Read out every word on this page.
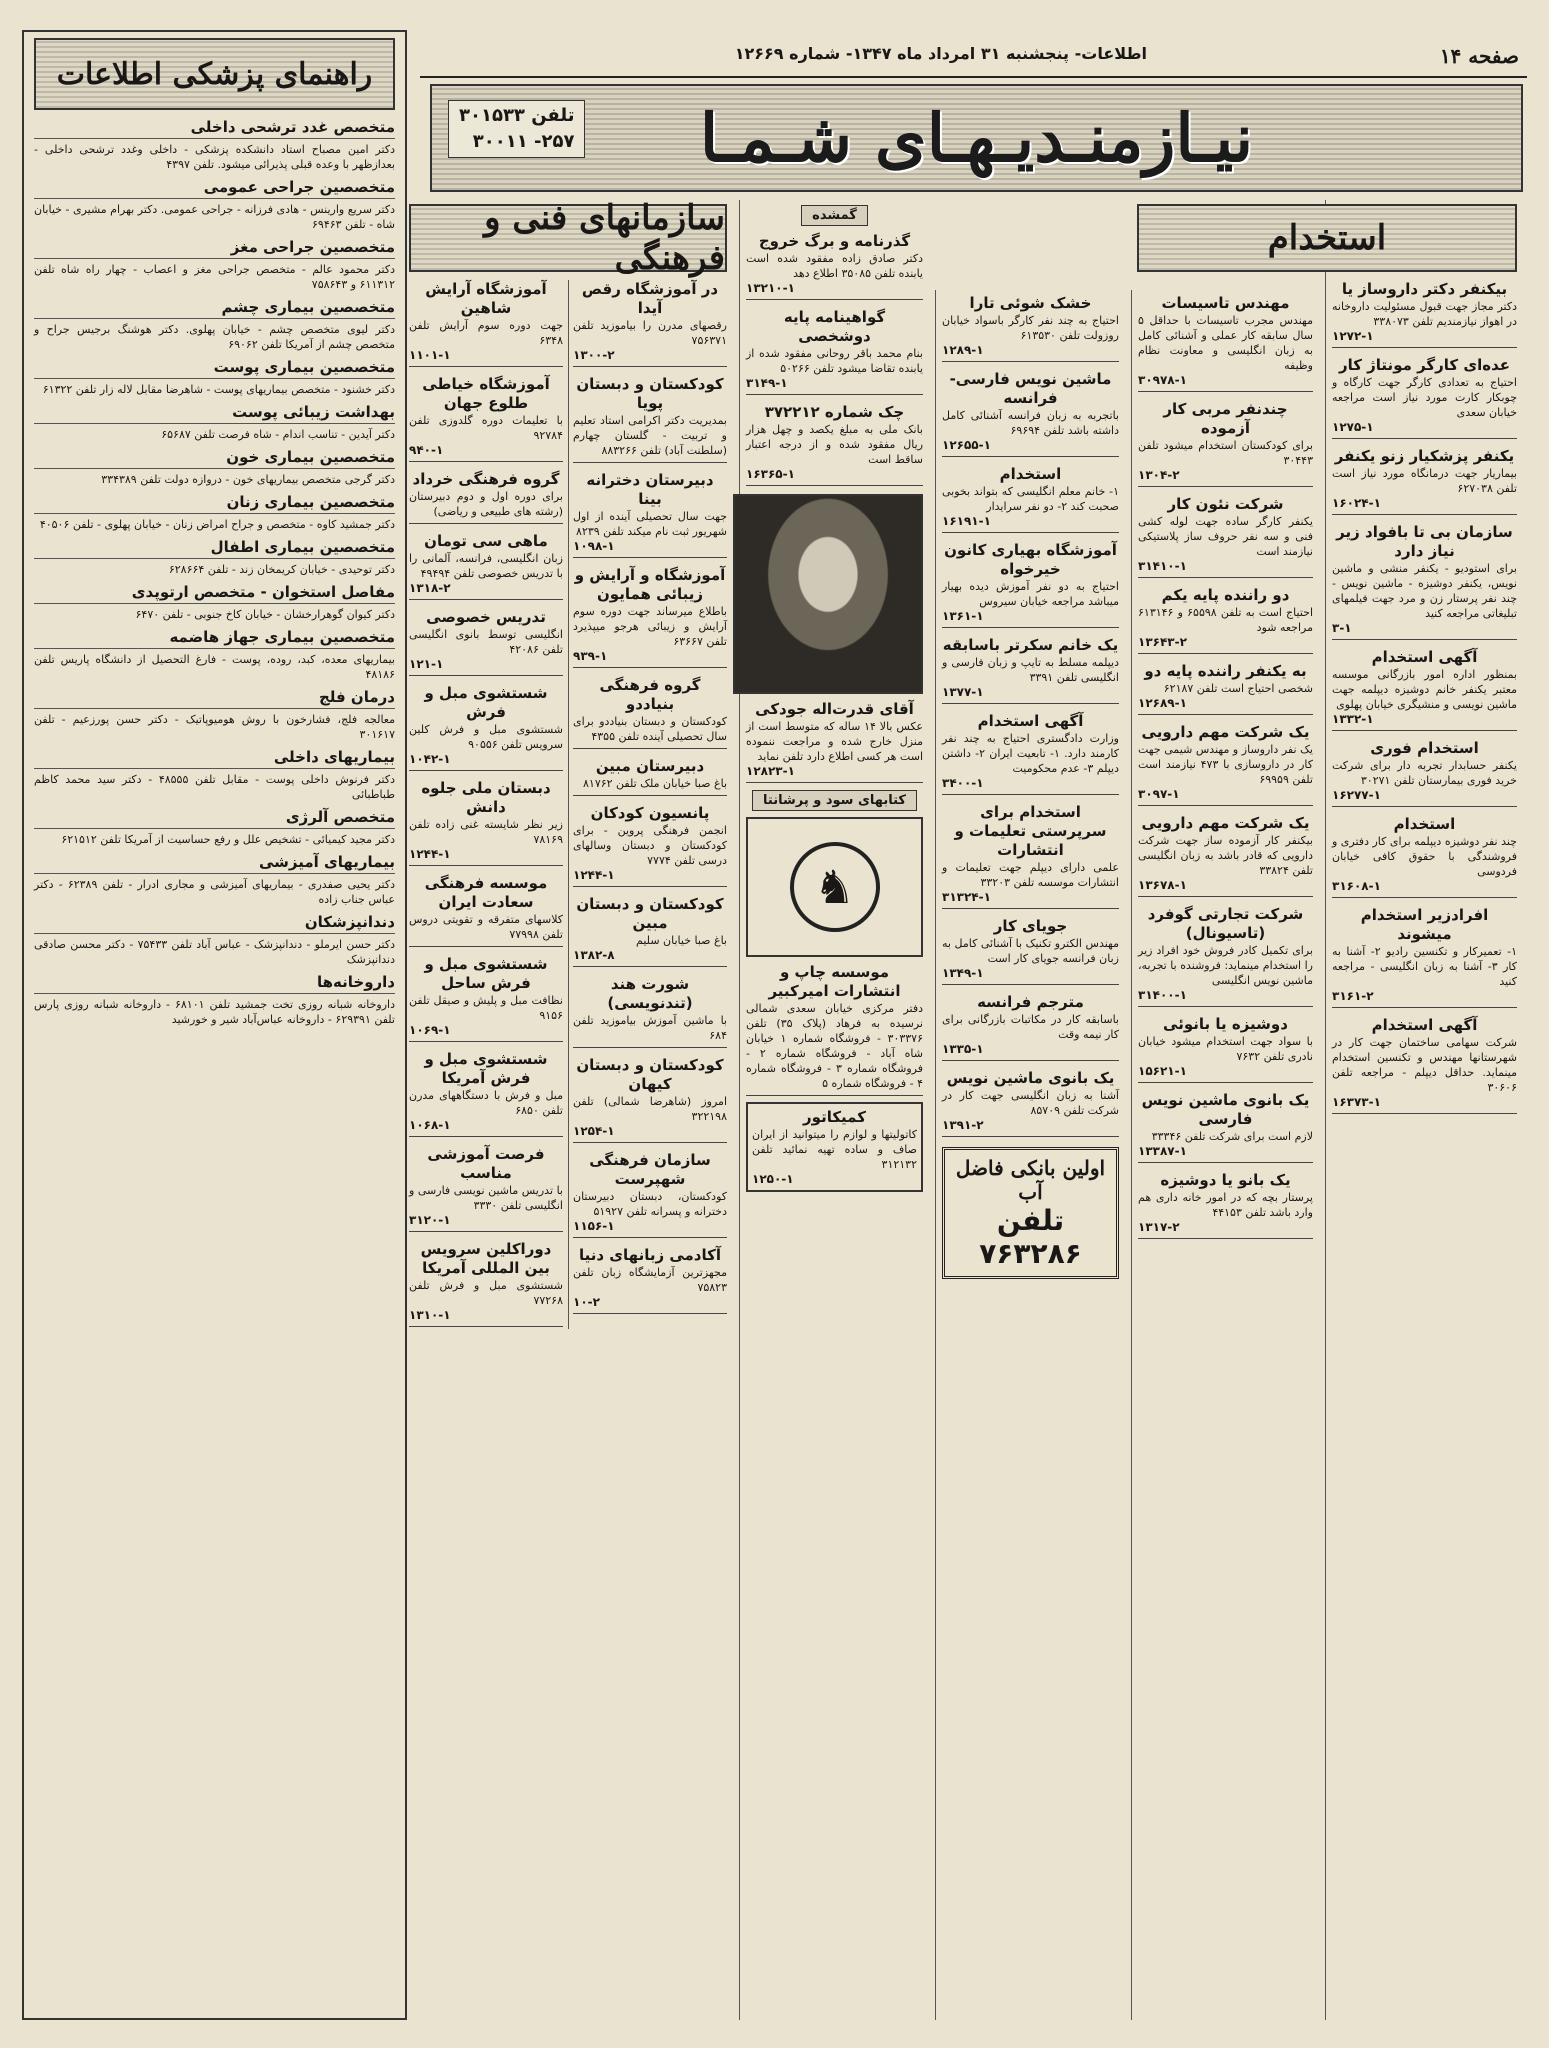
صفحه ۱۴
اطلاعات- پنجشنبه ۳۱ امرداد ماه ۱۳۴۷- شماره ۱۲۶۶۹
نیـازمنـدیـهـای شـمـا
تلفن ۳۰۱۵۳۳
۲۵۷- ۳۰۰۱۱
راهنمای پزشکی اطلاعات
متخصص غدد ترشحی داخلی
دکتر امین مصباح استاد دانشکده پزشکی - داخلی وغدد ترشحی داخلی - بعدازظهر با وعده قبلی پذیرائی میشود. تلفن ۴۳۹۷
متخصصین جراحی عمومی
دکتر سریع وارینس - هادی فرزانه - جراحی عمومی. دکتر بهرام مشیری - خیابان شاه - تلفن ۶۹۴۶۳
متخصصین جراحی مغز
دکتر محمود عالم - متخصص جراحی مغز و اعصاب - چهار راه شاه تلفن ۶۱۱۳۱۲ و ۷۵۸۶۴۳
متخصصین بیماری چشم
دکتر لیوی متخصص چشم - خیابان پهلوی. دکتر هوشنگ برجیس جراح و متخصص چشم از آمریکا تلفن ۶۹۰۶۲
متخصصین بیماری پوست
دکتر خشنود - متخصص بیماریهای پوست - شاهرضا مقابل لاله زار تلفن ۶۱۳۲۲
بهداشت زیبائی پوست
دکتر آیدین - تناسب اندام - شاه فرصت تلفن ۶۵۶۸۷
متخصصین بیماری خون
دکتر گرجی متخصص بیماریهای خون - دروازه دولت تلفن ۳۳۴۳۸۹
متخصصین بیماری زنان
دکتر جمشید کاوه - متخصص و جراح امراض زنان - خیابان پهلوی - تلفن ۴۰۵۰۶
متخصصین بیماری اطفال
دکتر توحیدی - خیابان کریمخان زند - تلفن ۶۲۸۶۶۴
مفاصل استخوان - متخصص ارتوپدی
دکتر کیوان گوهرارخشان - خیابان کاخ جنوبی - تلفن ۶۴۷۰
متخصصین بیماری جهاز هاضمه
بیماریهای معده، کبد، روده، پوست - فارغ التحصیل از دانشگاه پاریس تلفن ۴۸۱۸۶
درمان فلج
معالجه فلج، فشارخون با روش هومیوپاتیک - دکتر حسن پورزعیم - تلفن ۳۰۱۶۱۷
بیماریهای داخلی
دکتر فرنوش داخلی پوست - مقابل تلفن ۴۸۵۵۵ - دکتر سید محمد کاظم طباطبائی
متخصص آلرژی
دکتر مجید کیمیائی - تشخیص علل و رفع حساسیت از آمریکا تلفن ۶۲۱۵۱۲
بیماریهای آمیزشی
دکتر یحیی صفدری - بیماریهای آمیزشی و مجاری ادرار - تلفن ۶۲۳۸۹ - دکتر عباس جناب زاده
دندانپزشکان
دکتر حسن ایرملو - دندانپزشک - عباس آباد تلفن ۷۵۴۳۳ - دکتر محسن صادقی دندانپزشک
داروخانه‌ها
داروخانه شبانه روزی تخت جمشید تلفن ۶۸۱۰۱ - داروخانه شبانه روزی پارس تلفن ۶۲۹۳۹۱ - داروخانه عباس‌آباد شیر و خورشید
استخدام
بیکنفر دکتر داروساز یا
دکتر مجاز جهت قبول مسئولیت داروخانه در اهواز نیازمندیم تلفن ۳۳۸۰۷۳
۱۲۷۲-۱
عده‌ای کارگر مونتاژ کار
احتیاج به تعدادی کارگر جهت کارگاه و چوبکار کارت مورد نیاز است مراجعه خیابان سعدی
۱۲۷۵-۱
یکنفر پزشکیار زنو یکنفر
بیماریار جهت درمانگاه مورد نیاز است تلفن ۶۲۷۰۳۸
۱۶۰۲۴-۱
سازمان بی تا بافواد زیر نیاز دارد
برای استودیو - یکنفر منشی و ماشین نویس، یکنفر دوشیزه - ماشین نویس - چند نفر پرستار زن و مرد جهت فیلمهای تبلیغاتی مراجعه کنید
۳-۱
آگهی استخدام
بمنظور اداره امور بازرگانی موسسه معتبر یکنفر خانم دوشیزه دیپلمه جهت ماشین نویسی و منشیگری خیابان پهلوی
۱۳۳۲-۱
استخدام فوری
یکنفر حسابدار تجربه دار برای شرکت خرید فوری بیمارستان تلفن ۳۰۲۷۱
۱۶۲۷۷-۱
استخدام
چند نفر دوشیزه دیپلمه برای کار دفتری و فروشندگی با حقوق کافی خیابان فردوسی
۳۱۶۰۸-۱
افرادزیر استخدام میشوند
۱- تعمیرکار و تکنسین رادیو ۲- آشنا به کار ۳- آشنا به زبان انگلیسی - مراجعه کنید
۳۱۶۱-۲
آگهی استخدام
شرکت سهامی ساختمان جهت کار در شهرستانها مهندس و تکنسین استخدام مینماید. حداقل دیپلم - مراجعه تلفن ۳۰۶۰۶
۱۶۳۷۳-۱
مهندس تاسیسات
مهندس مجرب تاسیسات با حداقل ۵ سال سابقه کار عملی و آشنائی کامل به زبان انگلیسی و معاونت نظام وظیفه
۳۰۹۷۸-۱
چندنفر مربی کار آزموده
برای کودکستان استخدام میشود تلفن ۳۰۴۴۳
۱۳۰۴-۲
شرکت نئون کار
یکنفر کارگر ساده جهت لوله کشی فنی و سه نفر حروف ساز پلاستیکی نیازمند است
۳۱۴۱۰-۱
دو راننده پایه یکم
احتیاج است به تلفن ۶۵۵۹۸ و ۶۱۳۱۴۶ مراجعه شود
۱۳۶۴۳-۲
به یکنفر راننده پایه دو
شخصی احتیاج است تلفن ۶۲۱۸۷
۱۲۶۸۹-۱
یک شرکت مهم دارویی
یک نفر داروساز و مهندس شیمی جهت کار در داروسازی با ۴۷۳ نیازمند است تلفن ۶۹۹۵۹
۳۰۹۷-۱
یک شرکت مهم دارویی
بیکنفر کار آزموده ساز جهت شرکت دارویی که قادر باشد به زبان انگلیسی تلفن ۳۳۸۲۴
۱۳۶۷۸-۱
شرکت تجارتی گوفرد (تاسیونال)
برای تکمیل کادر فروش خود افراد زیر را استخدام مینماید: فروشنده با تجربه، ماشین نویس انگلیسی
۳۱۴۰۰-۱
دوشیزه یا بانوئی
با سواد جهت استخدام میشود خیابان نادری تلفن ۷۶۳۲
۱۵۶۲۱-۱
یک بانوی ماشین نویس فارسی
لازم است برای شرکت تلفن ۳۳۳۴۶
۱۳۳۸۷-۱
یک بانو یا دوشیزه
پرستار بچه که در امور خانه داری هم وارد باشد تلفن ۴۴۱۵۳
۱۳۱۷-۲
خشک شوئی تارا
احتیاج به چند نفر کارگر باسواد خیابان روزولت تلفن ۶۱۳۵۳۰
۱۲۸۹-۱
ماشین نویس فارسی-فرانسه
باتجربه به زبان فرانسه آشنائی کامل داشته باشد تلفن ۶۹۶۹۴
۱۲۶۵۵-۱
استخدام
۱- خانم معلم انگلیسی که بتواند بخوبی صحبت کند ۲- دو نفر سرایدار
۱۶۱۹۱-۱
آموزشگاه بهیاری کانون خیرخواه
احتیاج به دو نفر آموزش دیده بهیار میباشد مراجعه خیابان سیروس
۱۳۶۱-۱
یک خانم سکرتر باسابقه
دیپلمه مسلط به تایپ و زبان فارسی و انگلیسی تلفن ۳۳۹۱
۱۳۷۷-۱
آگهی استخدام
وزارت دادگستری احتیاج به چند نفر کارمند دارد. ۱- تابعیت ایران ۲- داشتن دیپلم ۳- عدم محکومیت
۳۴۰۰-۱
استخدام برای سرپرستی تعلیمات و انتشارات
علمی دارای دیپلم جهت تعلیمات و انتشارات موسسه تلفن ۳۳۲۰۳
۳۱۳۲۴-۱
جویای کار
مهندس الکترو تکنیک با آشنائی کامل به زبان فرانسه جویای کار است
۱۳۴۹-۱
مترجم فرانسه
باسابقه کار در مکاتبات بازرگانی برای کار نیمه وقت
۱۳۳۵-۱
یک بانوی ماشین نویس
آشنا به زبان انگلیسی جهت کار در شرکت تلفن ۸۵۷۰۹
۱۳۹۱-۲
اولین بانکی فاضل آب
تلفن ۷۶۳۲۸۶
گمشده
گذرنامه و برگ خروج
دکتر صادق زاده مفقود شده است یابنده تلفن ۳۵۰۸۵ اطلاع دهد
۱۳۲۱۰-۱
گواهینامه پایه دوشخصی
بنام محمد باقر روحانی مفقود شده از یابنده تقاضا میشود تلفن ۵۰۲۶۶
۳۱۴۹-۱
چک شماره ۳۷۲۲۱۲
بانک ملی به مبلغ یکصد و چهل هزار ریال مفقود شده و از درجه اعتبار ساقط است
۱۶۳۶۵-۱
آقای قدرت‌اله جودکی
عکس بالا ۱۴ ساله که متوسط است از منزل خارج شده و مراجعت ننموده است هر کسی اطلاع دارد تلفن نماید
۱۲۸۲۳-۱
کتابهای سود و پرشانتا
♞
موسسه چاپ و انتشارات امیرکبیر
دفتر مرکزی خیابان سعدی شمالی نرسیده به فرهاد (پلاک ۳۵) تلفن ۳۰۳۳۷۶ - فروشگاه شماره ۱ خیابان شاه آباد - فروشگاه شماره ۲ - فروشگاه شماره ۳ - فروشگاه شماره ۴ - فروشگاه شماره ۵
کمیکاتور
کاتولیتها و لوازم را میتوانید از ایران صاف و ساده تهیه نمائید تلفن ۳۱۲۱۳۲
۱۲۵۰-۱
سازمانهای فنی و فرهنگی
در آموزشگاه رقص آیدا
رقصهای مدرن را بیاموزید تلفن ۷۵۶۳۷۱
۱۳۰۰-۲
کودکستان و دبستان پویا
بمدیریت دکتر اکرامی استاد تعلیم و تربیت - گلستان چهارم (سلطنت آباد) تلفن ۸۸۳۲۶۶
دبیرستان دخترانه بینا
جهت سال تحصیلی آینده از اول شهریور ثبت نام میکند تلفن ۸۲۳۹
۱۰۹۸-۱
آموزشگاه و آرایش و زیبائی همایون
باطلاع میرساند جهت دوره سوم آرایش و زیبائی هرجو میپذیرد تلفن ۶۳۶۶۷
۹۳۹-۱
گروه فرهنگی بنیاددو
کودکستان و دبستان بنیاددو برای سال تحصیلی آینده تلفن ۴۳۵۵
دبیرستان مبین
باغ صبا خیابان ملک تلفن ۸۱۷۶۲
پانسیون کودکان
انجمن فرهنگی پروین - برای کودکستان و دبستان وسالهای درسی تلفن ۷۷۷۴
۱۲۴۴-۱
کودکستان و دبستان مبین
باغ صبا خیابان سلیم
۱۳۸۲-۸
شورت هند (تندنویسی)
با ماشین آموزش بیاموزید تلفن ۶۸۴
کودکستان و دبستان کیهان
امروز (شاهرضا شمالی) تلفن ۳۲۲۱۹۸
۱۲۵۴-۱
سازمان فرهنگی شهپرست
کودکستان، دبستان دبیرستان دخترانه و پسرانه تلفن ۵۱۹۲۷
۱۱۵۶-۱
آکادمی زبانهای دنیا
مجهزترین آزمایشگاه زبان تلفن ۷۵۸۲۳
۱۰-۲
آموزشگاه آرایش شاهین
جهت دوره سوم آرایش تلفن ۶۳۴۸
۱۱۰۱-۱
آموزشگاه خیاطی طلوع جهان
با تعلیمات دوره گلدوزی تلفن ۹۲۷۸۴
۹۴۰-۱
گروه فرهنگی خرداد
برای دوره اول و دوم دبیرستان (رشته های طبیعی و ریاضی)
ماهی سی تومان
زبان انگلیسی، فرانسه، آلمانی را با تدریس خصوصی تلفن ۴۹۴۹۴
۱۳۱۸-۲
تدریس خصوصی
انگلیسی توسط بانوی انگلیسی تلفن ۴۲۰۸۶
۱۲۱-۱
شستشوی مبل و فرش
شستشوی مبل و فرش کلین سرویس تلفن ۹۰۵۵۶
۱۰۴۲-۱
دبستان ملی جلوه دانش
زیر نظر شایسته غنی زاده تلفن ۷۸۱۶۹
۱۲۴۴-۱
موسسه فرهنگی سعادت ایران
کلاسهای متفرقه و تقویتی دروس تلفن ۷۷۹۹۸
شستشوی مبل و فرش ساحل
نظافت مبل و پلیش و صیقل تلفن ۹۱۵۶
۱۰۶۹-۱
شستشوی مبل و فرش آمریکا
مبل و فرش با دستگاههای مدرن تلفن ۶۸۵۰
۱۰۶۸-۱
فرصت آموزشی مناسب
با تدریس ماشین نویسی فارسی و انگلیسی تلفن ۳۳۳۰
۳۱۲۰-۱
دوراکلین سرویس بین المللی آمریکا
شستشوی مبل و فرش تلفن ۷۷۲۶۸
۱۳۱۰-۱
